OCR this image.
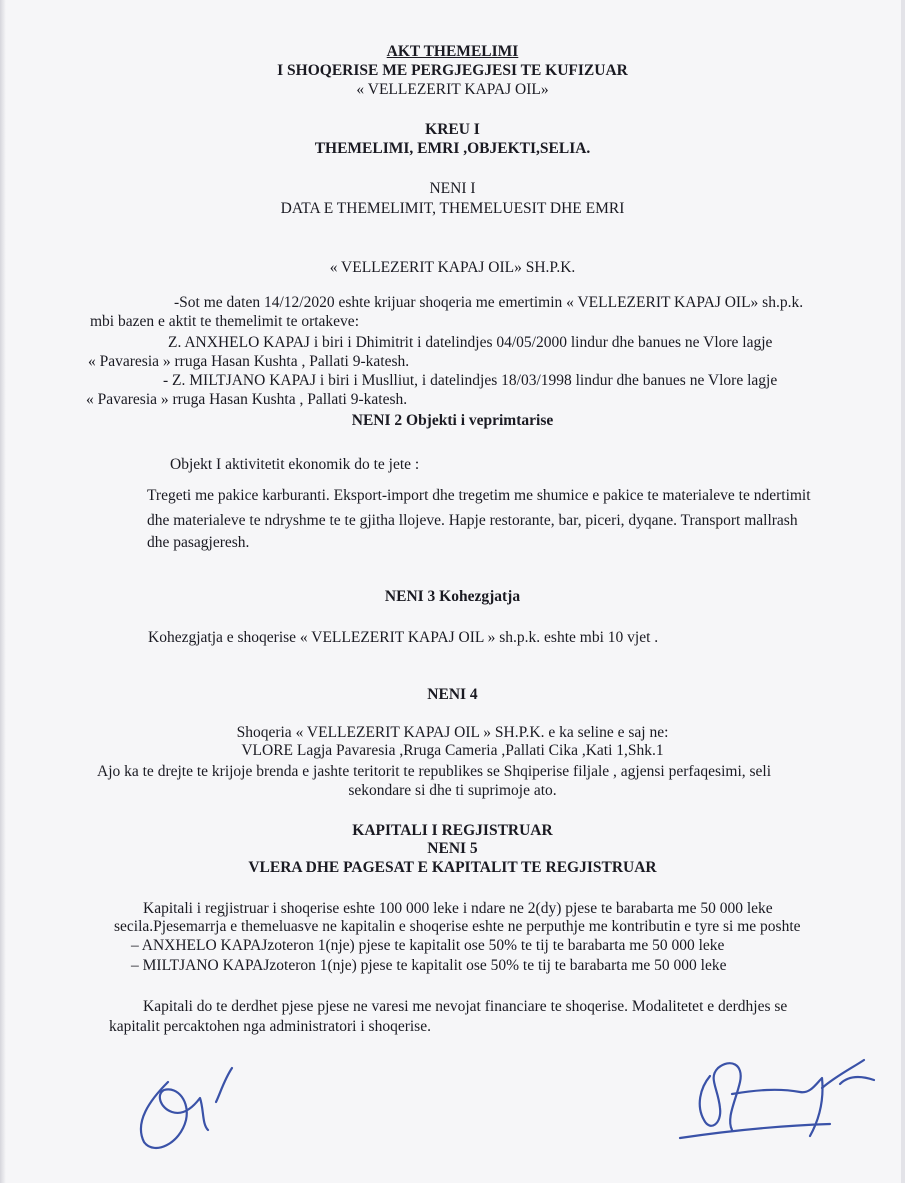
AKT THEMELIMI
I SHOQERISE ME PERGJEGJESI TE KUFIZUAR
« VELLEZERIT KAPAJ OIL»
KREU I
THEMELIMI, EMRI ,OBJEKTI,SELIA.
NENI I
DATA E THEMELIMIT, THEMELUESIT DHE EMRI
« VELLEZERIT KAPAJ OIL» SH.P.K.
-Sot me daten 14/12/2020 eshte krijuar shoqeria me emertimin « VELLEZERIT KAPAJ OIL» sh.p.k.
mbi bazen e aktit te themelimit te ortakeve:
Z. ANXHELO KAPAJ i biri i Dhimitrit i datelindjes 04/05/2000 lindur dhe banues ne Vlore lagje
« Pavaresia » rruga Hasan Kushta , Pallati 9-katesh.
- Z. MILTJANO KAPAJ i biri i Muslliut, i datelindjes 18/03/1998 lindur dhe banues ne Vlore lagje
« Pavaresia » rruga Hasan Kushta , Pallati 9-katesh.
NENI 2 Objekti i veprimtarise
Objekt I aktivitetit ekonomik do te jete :
Tregeti me pakice karburanti. Eksport-import dhe tregetim me shumice e pakice te materialeve te ndertimit
dhe materialeve te ndryshme te te gjitha llojeve. Hapje restorante, bar, piceri, dyqane. Transport mallrash
dhe pasagjeresh.
NENI 3 Kohezgjatja
Kohezgjatja e shoqerise « VELLEZERIT KAPAJ OIL » sh.p.k. eshte mbi 10 vjet .
NENI 4
Shoqeria « VELLEZERIT KAPAJ OIL » SH.P.K. e ka seline e saj ne:
VLORE Lagja Pavaresia ,Rruga Cameria ,Pallati Cika ,Kati 1,Shk.1
Ajo ka te drejte te krijoje brenda e jashte teritorit te republikes se Shqiperise filjale , agjensi perfaqesimi, seli
sekondare si dhe ti suprimoje ato.
KAPITALI I REGJISTRUAR
NENI 5
VLERA DHE PAGESAT E KAPITALIT TE REGJISTRUAR
Kapitali i regjistruar i shoqerise eshte 100 000 leke i ndare ne 2(dy) pjese te barabarta me 50 000 leke
secila.Pjesemarrja e themeluasve ne kapitalin e shoqerise eshte ne perputhje me kontributin e tyre si me poshte
– ANXHELO KAPAJzoteron 1(nje) pjese te kapitalit ose 50% te tij te barabarta me 50 000 leke
– MILTJANO KAPAJzoteron 1(nje) pjese te kapitalit ose 50% te tij te barabarta me 50 000 leke
Kapitali do te derdhet pjese pjese ne varesi me nevojat financiare te shoqerise. Modalitetet e derdhjes se
kapitalit percaktohen nga administratori i shoqerise.
